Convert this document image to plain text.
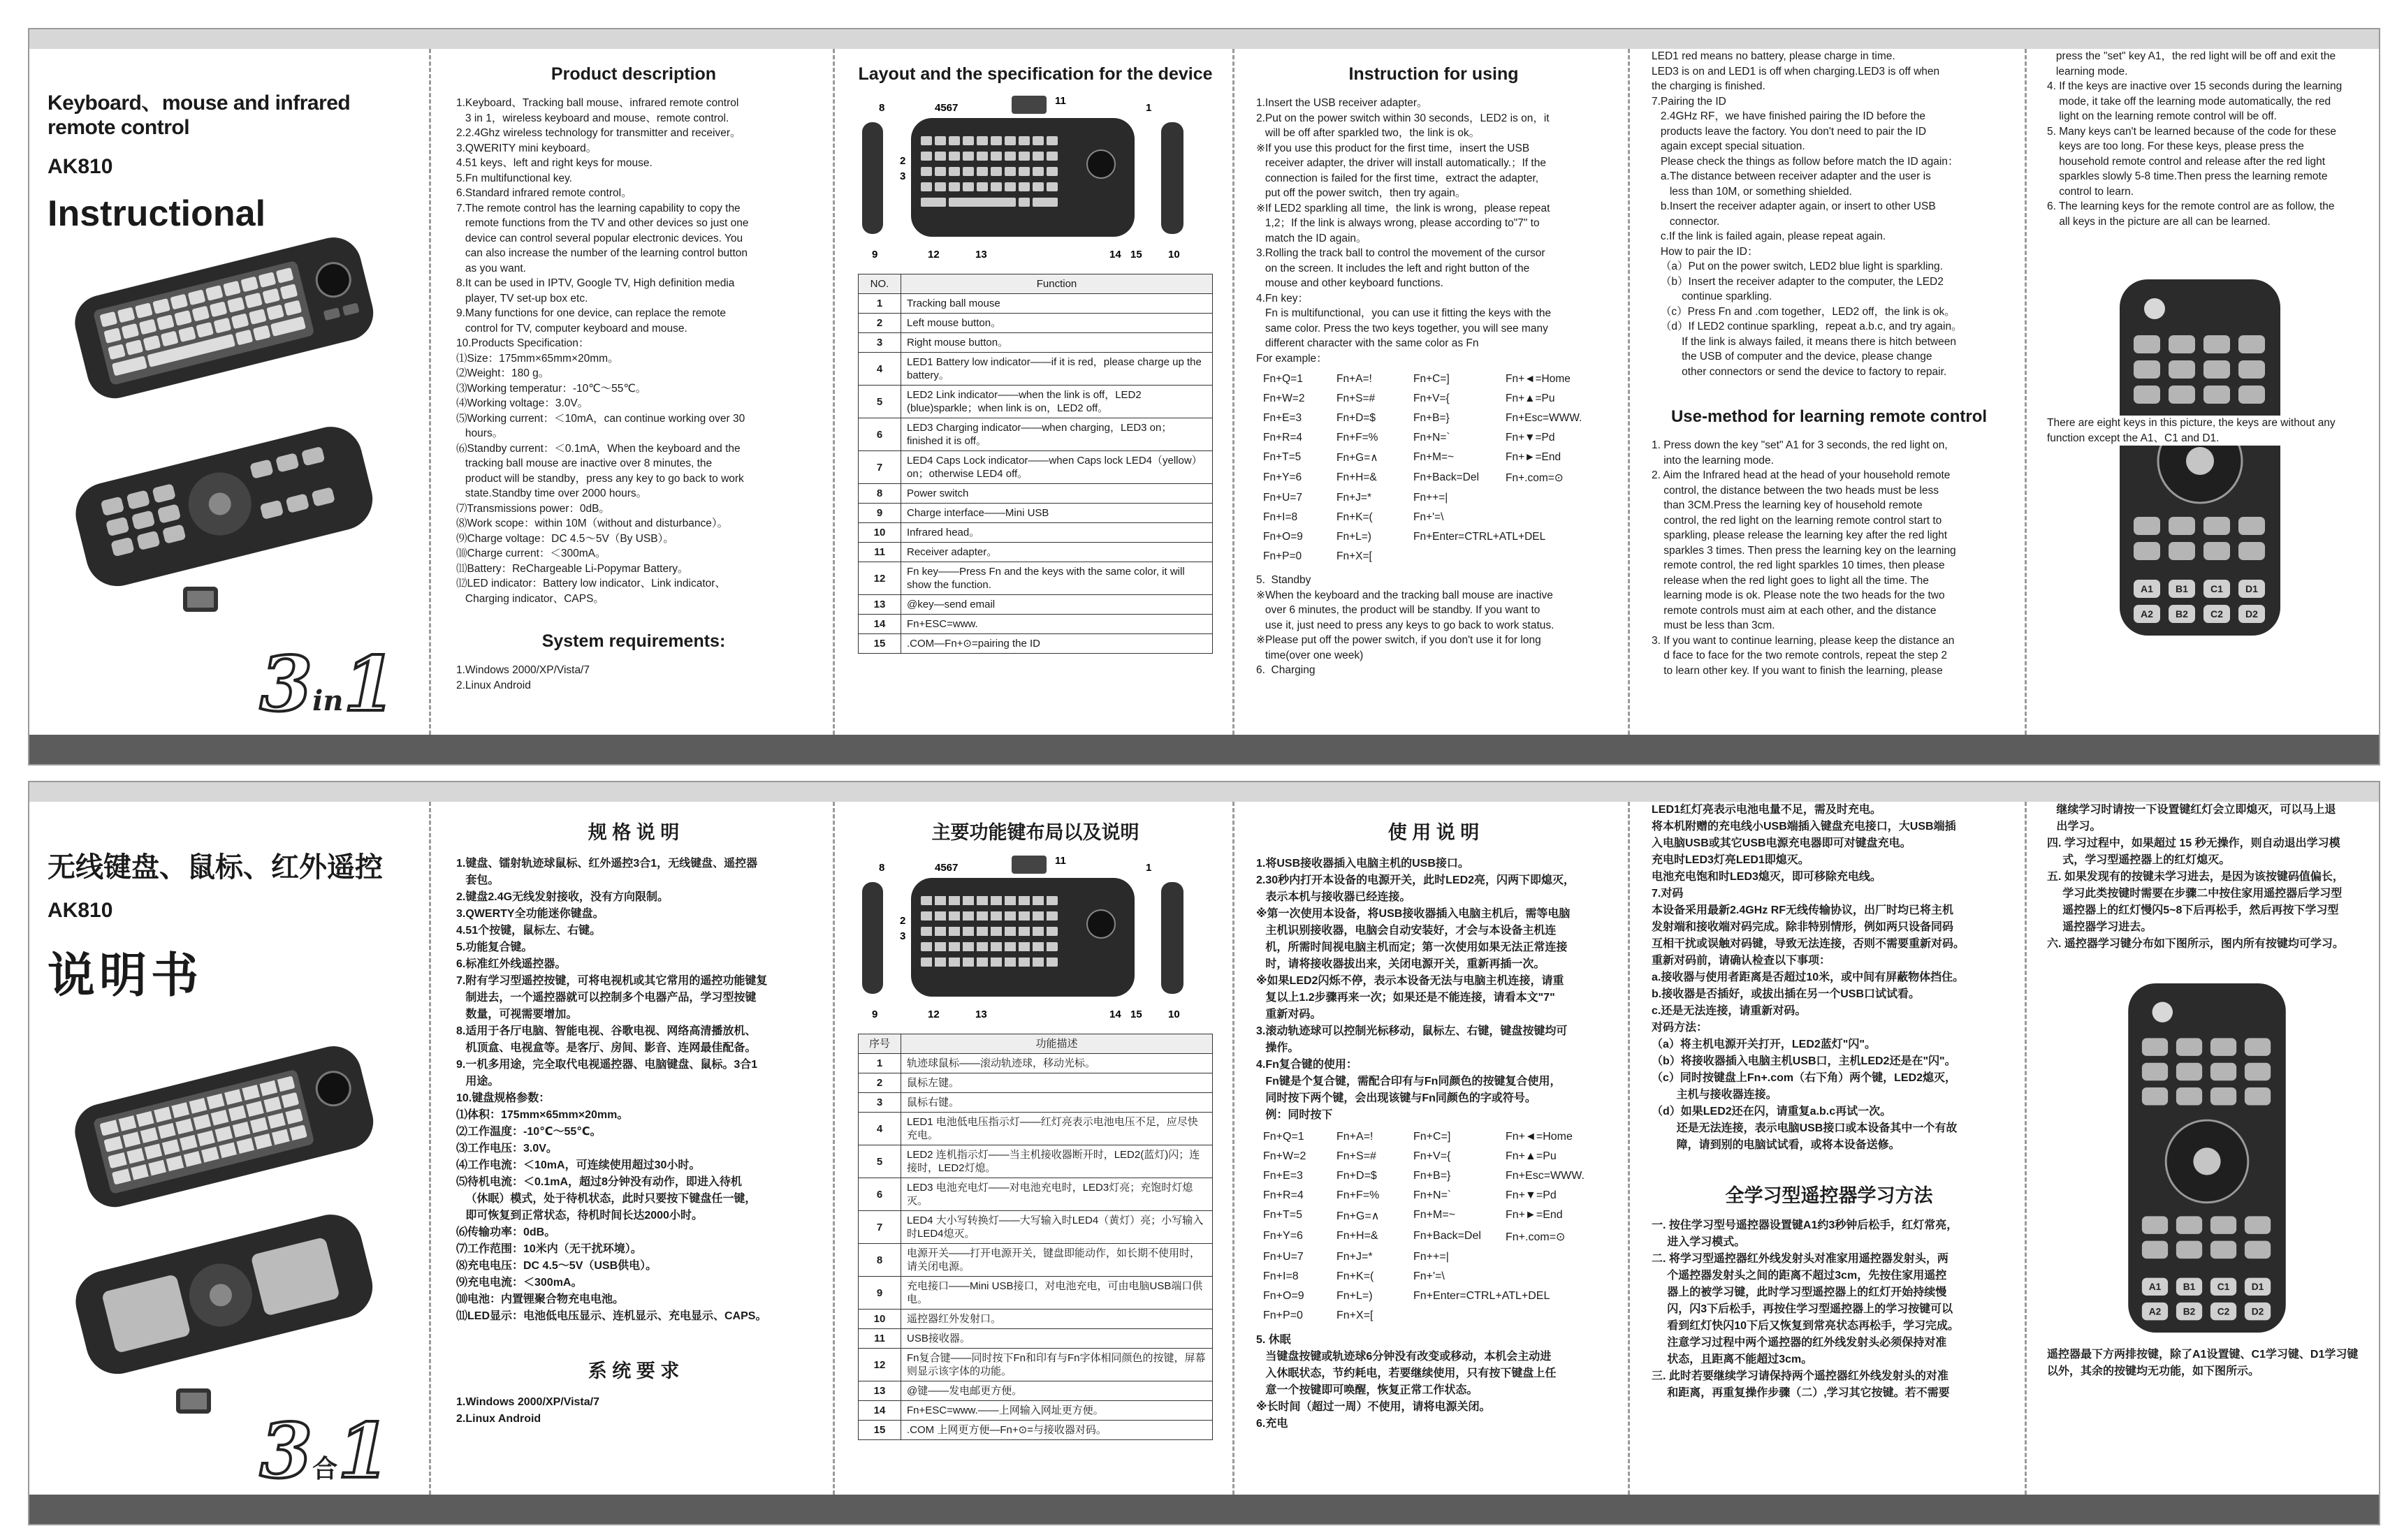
Keyboard、mouse and infrared remote control
AK810
Instructional
3in1
Product description

1.Keyboard、Tracking ball mouse、infrared remote control
3 in 1，wireless keyboard and mouse、remote control.
2.2.4Ghz wireless technology for transmitter and receiver。
3.QWERITY mini keyboard。
4.51 keys、left and right keys for mouse.
5.Fn multifunctional key.
6.Standard infrared remote control。
7.The remote control has the learning capability to copy the
remote functions from the TV and other devices so just one
device can control several popular electronic devices. You
can also increase the number of the learning control button
as you want.
8.It can be used in IPTV, Google TV, High definition media
player, TV set-up box etc.
9.Many functions for one device, can replace the remote
control for TV, computer keyboard and mouse.
10.Products Specification：
⑴Size：175mm×65mm×20mm。
⑵Weight：180 g。
⑶Working temperatur：-10℃～55℃。
⑷Working voltage：3.0V。
⑸Working current：＜10mA，can continue working over 30
hours。
⑹Standby current：＜0.1mA，When the keyboard and the
tracking ball mouse are inactive over 8 minutes, the
product will be standby，press any key to go back to work
state.Standby time over 2000 hours。
⑺Transmissions power：0dB。
⑻Work scope：within 10M（without and disturbance）。
⑼Charge voltage：DC 4.5～5V（By USB）。
⑽Charge current：＜300mA。
⑾Battery：ReChargeable Li-Popymar Battery。
⑿LED indicator：Battery low indicator、Link indicator、
Charging indicator、CAPS。

System requirements:

1.Windows 2000/XP/Vista/7
2.Linux Android

Layout and the specification for the device
8	4567
11
1
2
3
9	12	13	14 15 10
NO.	Function
1	Tracking ball mouse
2	Left mouse button。
3	Right mouse button。
4	LED1 Battery low indicator——if it is red，please charge up the battery。
5	LED2 Link indicator——when the link is off，LED2 (blue)sparkle；when link is on，LED2 off。
6	LED3 Charging indicator——when charging，LED3 on；finished it is off。
7	LED4 Caps Lock indicator——when Caps lock LED4（yellow）on；otherwise LED4 off。
8	Power switch
9	Charge interface——Mini USB
10	Infrared head。
11	Receiver adapter。
12	Fn key——Press Fn and the keys with the same color, it will show the function.
13	@key—send email
14	Fn+ESC=www.
15	.COM—Fn+⊙=pairing the ID
Instruction for using

1.Insert the USB receiver adapter。
2.Put on the power switch within 30 seconds，LED2 is on，it
will be off after sparkled two，the link is ok。
※If you use this product for the first time，insert the USB
receiver adapter, the driver will install automatically.；If the
connection is failed for the first time，extract the adapter,
put off the power switch，then try again。
※If LED2 sparkling all time，the link is wrong，please repeat
1,2；If the link is always wrong, please according to"7" to
match the ID again。
3.Rolling the track ball to control the movement of the cursor
on the screen. It includes the left and right button of the
mouse and other keyboard functions.
4.Fn key：
Fn is multifunctional，you can use it fitting the keys with the
same color. Press the two keys together, you will see many
different character with the same color as Fn
For example：

Fn+Q=1	Fn+A=!	Fn+C=]	Fn+◄=Home
Fn+W=2	Fn+S=#	Fn+V={	Fn+▲=Pu
Fn+E=3	Fn+D=$	Fn+B=}	Fn+Esc=WWW.
Fn+R=4	Fn+F=%	Fn+N=`	Fn+▼=Pd
Fn+T=5	Fn+G=∧	Fn+M=~	Fn+►=End
Fn+Y=6	Fn+H=&	Fn+Back=Del	Fn+.com=⊙
Fn+U=7	Fn+J=*	Fn++=|
Fn+I=8	Fn+K=(	Fn+'=\
Fn+O=9	Fn+L=)	Fn+Enter=CTRL+ATL+DEL
Fn+P=0	Fn+X=[

5.  Standby
※When the keyboard and the tracking ball mouse are inactive
over 6 minutes, the product will be standby. If you want to
use it, just need to press any keys to go back to work status.
※Please put off the power switch, if you don't use it for long
time(over one week)
6.  Charging

LED1 red means no battery, please charge in time.
LED3 is on and LED1 is off when charging.LED3 is off when
the charging is finished.
7.Pairing the ID
2.4GHz RF，we have finished pairing the ID before the
products leave the factory. You don't need to pair the ID
again except special situation.
Please check the things as follow before match the ID again：
a.The distance between receiver adapter and the user is
less than 10M, or something shielded.
b.Insert the receiver adapter again, or insert to other USB
connector.
c.If the link is failed again, please repeat again.
How to pair the ID：
（a）Put on the power switch, LED2 blue light is sparkling.
（b）Insert the receiver adapter to the computer, the LED2
continue sparkling.
（c）Press Fn and .com together，LED2 off，the link is ok。
（d）If LED2 continue sparkling，repeat a.b.c, and try again。
If the link is always failed, it means there is hitch between
the USB of computer and the device, please change
other connectors or send the device to factory to repair.

Use-method for learning remote control

1. Press down the key "set" A1 for 3 seconds, the red light on,
into the learning mode.
2. Aim the Infrared head at the head of your household remote
control, the distance between the two heads must be less
than 3CM.Press the learning key of household remote
control, the red light on the learning remote control start to
sparkling, please release the learning key after the red light
sparkles 3 times. Then press the learning key on the learning
remote control, the red light sparkles 10 times, then please
release when the red light goes to light all the time. The
learning mode is ok. Please note the two heads for the two
remote controls must aim at each other, and the distance
must be less than 3cm.
3. If you want to continue learning, please keep the distance an
d face to face for the two remote controls, repeat the step 2
to learn other key. If you want to finish the learning, please

press the "set" key A1，the red light will be off and exit the
learning mode.
4. If the keys are inactive over 15 seconds during the learning
mode, it take off the learning mode automatically, the red
light on the learning remote control will be off.
5. Many keys can't be learned because of the code for these
keys are too long. For these keys, please press the
household remote control and release after the red light
sparkles slowly 5-8 time.Then press the learning remote
control to learn.
6. The learning keys for the remote control are as follow, the
all keys in the picture are all can be learned.

A1 B1 C1 D1
A2 B2 C2 D2

There are eight keys in this picture, the keys are without any
function except the A1、C1 and D1.

无线键盘、鼠标、红外遥控
AK810
说明书
3合1
规 格 说 明

1.键盘、镭射轨迹球鼠标、红外遥控3合1，无线键盘、遥控器
套包。
2.键盘2.4G无线发射接收，没有方向限制。
3.QWERTY全功能迷你键盘。
4.51个按键，鼠标左、右键。
5.功能复合键。
6.标准红外线遥控器。
7.附有学习型遥控按键，可将电视机或其它常用的遥控功能键复
制进去，一个遥控器就可以控制多个电器产品，学习型按键
数量，可视需要增加。
8.适用于各厅电脑、智能电视、谷歌电视、网络高清播放机、
机顶盒、电视盒等。是客厅、房间、影音、连网最佳配备。
9.一机多用途，完全取代电视遥控器、电脑键盘、鼠标。3合1
用途。
10.键盘规格参数：
⑴体积：175mm×65mm×20mm。
⑵工作温度：-10℃～55℃。
⑶工作电压：3.0V。
⑷工作电流：＜10mA，可连续使用超过30小时。
⑸待机电流：＜0.1mA，超过8分钟没有动作，即进入待机
（休眠）模式，处于待机状态，此时只要按下键盘任一键，
即可恢复到正常状态，待机时间长达2000小时。
⑹传输功率：0dB。
⑺工作范围：10米内（无干扰环境）。
⑻充电电压：DC 4.5～5V（USB供电）。
⑼充电电流：＜300mA。
⑽电池：内置锂聚合物充电电池。
⑾LED显示：电池低电压显示、连机显示、充电显示、CAPS。

系 统 要 求

1.Windows 2000/XP/Vista/7
2.Linux Android

主要功能键布局以及说明
8	4567
11
1
2
3
9	12	13	14 15 10
序号	功能描述
1	轨迹球鼠标——滚动轨迹球，移动光标。
2	鼠标左键。
3	鼠标右键。
4	LED1 电池低电压指示灯——红灯亮表示电池电压不足，应尽快充电。
5	LED2 连机指示灯——当主机接收器断开时，LED2(蓝灯)闪；连接时，LED2灯熄。
6	LED3 电池充电灯——对电池充电时，LED3灯亮；充饱时灯熄灭。
7	LED4 大小写转换灯——大写输入时LED4（黄灯）亮；小写输入时LED4熄灭。
8	电源开关——打开电源开关，键盘即能动作，如长期不使用时，请关闭电源。
9	充电接口——Mini USB接口，对电池充电，可由电脑USB端口供电。
10	遥控器红外发射口。
11	USB接收器。
12	Fn复合键——同时按下Fn和印有与Fn字体相同颜色的按键，屏幕则显示该字体的功能。
13	@键——发电邮更方便。
14	Fn+ESC=www.——上网输入网址更方便。
15	.COM 上网更方便—Fn+⊙=与接收器对码。
使 用 说 明

1.将USB接收器插入电脑主机的USB接口。
2.30秒内打开本设备的电源开关，此时LED2亮，闪两下即熄灭，
表示本机与接收器已经连接。
※第一次使用本设备，将USB接收器插入电脑主机后，需等电脑
主机识别接收器，电脑会自动安装好，才会与本设备主机连
机，所需时间视电脑主机而定；第一次使用如果无法正常连接
时，请将接收器拔出来，关闭电源开关，重新再插一次。
※如果LED2闪烁不停，表示本设备无法与电脑主机连接，请重
复以上1.2步骤再来一次；如果还是不能连接，请看本文"7"
重新对码。
3.滚动轨迹球可以控制光标移动，鼠标左、右键，键盘按键均可
操作。
4.Fn复合键的使用：
Fn键是个复合键，需配合印有与Fn同颜色的按键复合使用，
同时按下两个键，会出现该键与Fn同颜色的字或符号。
例：同时按下

Fn+Q=1	Fn+A=!	Fn+C=]	Fn+◄=Home
Fn+W=2	Fn+S=#	Fn+V={	Fn+▲=Pu
Fn+E=3	Fn+D=$	Fn+B=}	Fn+Esc=WWW.
Fn+R=4	Fn+F=%	Fn+N=`	Fn+▼=Pd
Fn+T=5	Fn+G=∧	Fn+M=~	Fn+►=End
Fn+Y=6	Fn+H=&	Fn+Back=Del	Fn+.com=⊙
Fn+U=7	Fn+J=*	Fn++=|
Fn+I=8	Fn+K=(	Fn+'=\
Fn+O=9	Fn+L=)	Fn+Enter=CTRL+ATL+DEL
Fn+P=0	Fn+X=[

5. 休眠
当键盘按键或轨迹球6分钟没有改变或移动，本机会主动进
入休眠状态，节约耗电，若要继续使用，只有按下键盘上任
意一个按键即可唤醒，恢复正常工作状态。
※长时间（超过一周）不使用，请将电源关闭。
6.充电

LED1红灯亮表示电池电量不足，需及时充电。
将本机附赠的充电线小USB端插入键盘充电接口，大USB端插
入电脑USB或其它USB电源充电器即可对键盘充电。
充电时LED3灯亮LED1即熄灭。
电池充电饱和时LED3熄灭，即可移除充电线。
7.对码
本设备采用最新2.4GHz RF无线传输协议，出厂时均已将主机
发射端和接收端对码完成。除非特别情形，例如两只设备同码
互相干扰或误触对码键，导致无法连接，否则不需要重新对码。
重新对码前，请确认检查以下事项：
a.接收器与使用者距离是否超过10米，或中间有屏蔽物体挡住。
b.接收器是否插好，或拔出插在另一个USB口试试看。
c.还是无法连接，请重新对码。
对码方法：
（a）将主机电源开关打开，LED2蓝灯"闪"。
（b）将接收器插入电脑主机USB口，主机LED2还是在"闪"。
（c）同时按键盘上Fn+.com（右下角）两个键，LED2熄灭，
主机与接收器连接。
（d）如果LED2还在闪，请重复a.b.c再试一次。
还是无法连接，表示电脑USB接口或本设备其中一个有故
障，请到别的电脑试试看，或将本设备送修。

全学习型遥控器学习方法

一. 按住学习型号遥控器设置键A1约3秒钟后松手，红灯常亮，
进入学习模式。
二. 将学习型遥控器红外线发射头对准家用遥控器发射头，两
个遥控器发射头之间的距离不超过3cm，先按住家用遥控
器上的被学习键，此时学习型遥控器上的红灯开始持续慢
闪，闪3下后松手，再按住学习型遥控器上的学习按键可以
看到红灯快闪10下后又恢复到常亮状态再松手，学习完成。
注意学习过程中两个遥控器的红外线发射头必须保持对准
状态，且距离不能超过3cm。
三. 此时若要继续学习请保持两个遥控器红外线发射头的对准
和距离，再重复操作步骤（二）,学习其它按键。若不需要

继续学习时请按一下设置键红灯会立即熄灭，可以马上退
出学习。
四. 学习过程中，如果超过 15 秒无操作，则自动退出学习模
式，学习型遥控器上的红灯熄灭。
五. 如果发现有的按键未学习进去，是因为该按键码值偏长，
学习此类按键时需要在步骤二中按住家用遥控器后学习型
遥控器上的红灯慢闪5~8下后再松手，然后再按下学习型
遥控器学习进去。
六. 遥控器学习键分布如下图所示，图内所有按键均可学习。

A1 B1 C1 D1
A2 B2 C2 D2

遥控器最下方两排按键，除了A1设置键、C1学习键、D1学习键
以外，其余的按键均无功能，如下图所示。
